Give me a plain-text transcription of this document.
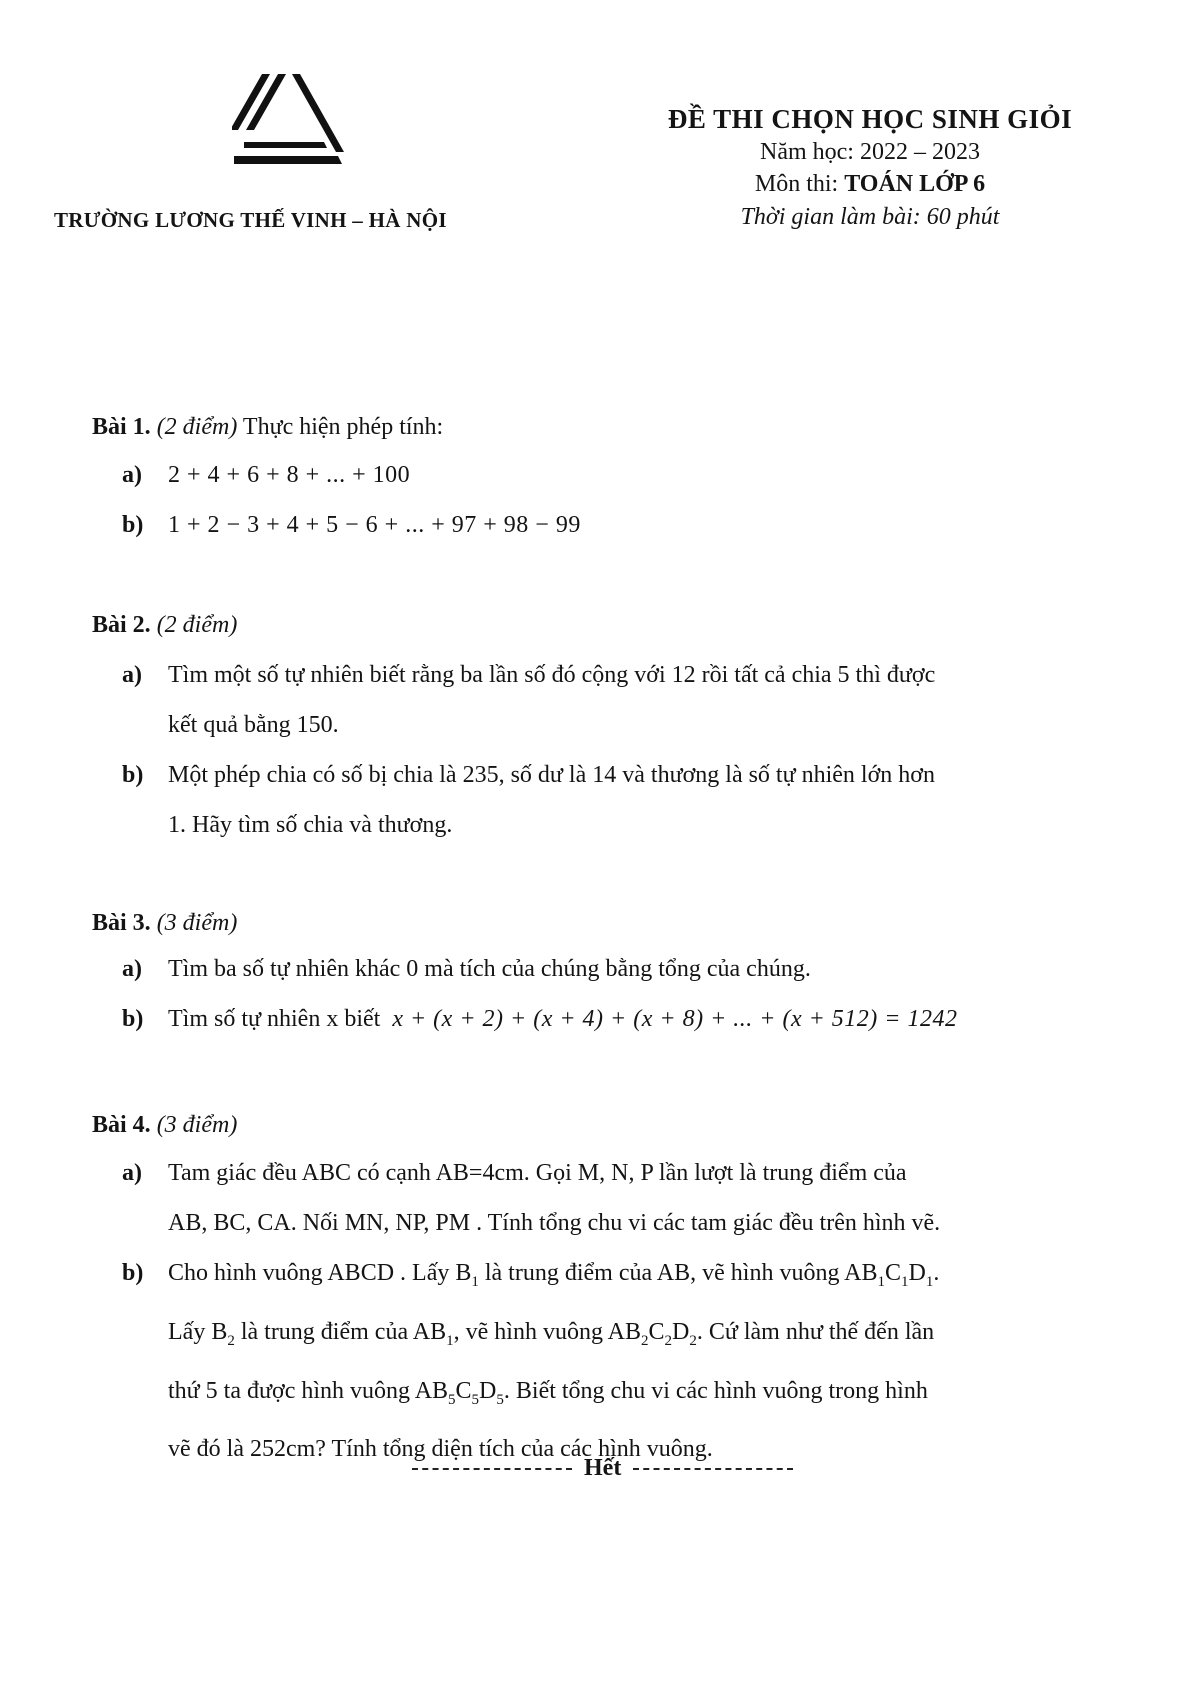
TRƯỜNG LƯƠNG THẾ VINH – HÀ NỘI
ĐỀ THI CHỌN HỌC SINH GIỎI
Năm học: 2022 – 2023
Môn thi: TOÁN LỚP 6
Thời gian làm bài: 60 phút
Bài 1. (2 điểm) Thực hiện phép tính:
a) 2 + 4 + 6 + 8 + ... + 100
b) 1 + 2 − 3 + 4 + 5 − 6 + ... + 97 + 98 − 99
Bài 2. (2 điểm)
a) Tìm một số tự nhiên biết rằng ba lần số đó cộng với 12 rồi tất cả chia 5 thì được
kết quả bằng 150.
b) Một phép chia có số bị chia là 235, số dư là 14 và thương là số tự nhiên lớn hơn
1. Hãy tìm số chia và thương.
Bài 3. (3 điểm)
a) Tìm ba số tự nhiên khác 0 mà tích của chúng bằng tổng của chúng.
b) Tìm số tự nhiên x biết x + (x + 2) + (x + 4) + (x + 8) + ... + (x + 512) = 1242
Bài 4. (3 điểm)
a) Tam giác đều ABC có cạnh AB=4cm. Gọi M, N, P lần lượt là trung điểm của
AB, BC, CA. Nối MN, NP, PM . Tính tổng chu vi các tam giác đều trên hình vẽ.
b) Cho hình vuông ABCD . Lấy $B_1$ là trung điểm của AB, vẽ hình vuông $AB_1C_1D_1$.
Lấy $B_2$ là trung điểm của $AB_1$, vẽ hình vuông $AB_2C_2D_2$. Cứ làm như thế đến lần
thứ 5 ta được hình vuông $AB_5C_5D_5$. Biết tổng chu vi các hình vuông trong hình
vẽ đó là 252cm? Tính tổng diện tích của các hình vuông.
Hết
